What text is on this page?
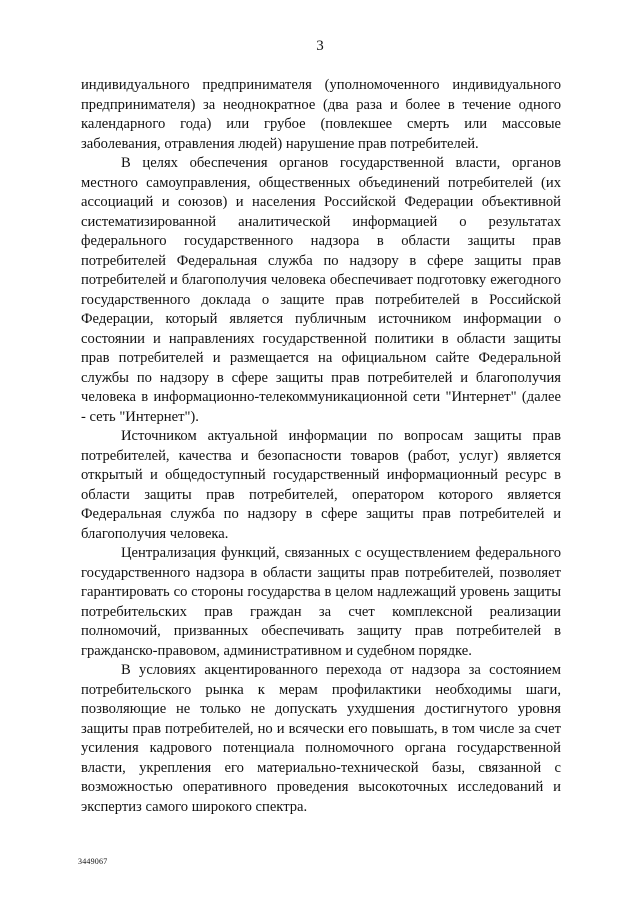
3

индивидуального предпринимателя (уполномоченного индивидуального предпринимателя) за неоднократное (два раза и более в течение одного календарного года) или грубое (повлекшее смерть или массовые заболевания, отравления людей) нарушение прав потребителей.

В целях обеспечения органов государственной власти, органов местного самоуправления, общественных объединений потребителей (их ассоциаций и союзов) и населения Российской Федерации объективной систематизированной аналитической информацией о результатах федерального государственного надзора в области защиты прав потребителей Федеральная служба по надзору в сфере защиты прав потребителей и благополучия человека обеспечивает подготовку ежегодного государственного доклада о защите прав потребителей в Российской Федерации, который является публичным источником информации о состоянии и направлениях государственной политики в области защиты прав потребителей и размещается на официальном сайте Федеральной службы по надзору в сфере защиты прав потребителей и благополучия человека в информационно-телекоммуникационной сети "Интернет" (далее - сеть "Интернет").

Источником актуальной информации по вопросам защиты прав потребителей, качества и безопасности товаров (работ, услуг) является открытый и общедоступный государственный информационный ресурс в области защиты прав потребителей, оператором которого является Федеральная служба по надзору в сфере защиты прав потребителей и благополучия человека.

Централизация функций, связанных с осуществлением федерального государственного надзора в области защиты прав потребителей, позволяет гарантировать со стороны государства в целом надлежащий уровень защиты потребительских прав граждан за счет комплексной реализации полномочий, призванных обеспечивать защиту прав потребителей в гражданско-правовом, административном и судебном порядке.

В условиях акцентированного перехода от надзора за состоянием потребительского рынка к мерам профилактики необходимы шаги, позволяющие не только не допускать ухудшения достигнутого уровня защиты прав потребителей, но и всячески его повышать, в том числе за счет усиления кадрового потенциала полномочного органа государственной власти, укрепления его материально-технической базы, связанной с возможностью оперативного проведения высокоточных исследований и экспертиз самого широкого спектра.

3449067
